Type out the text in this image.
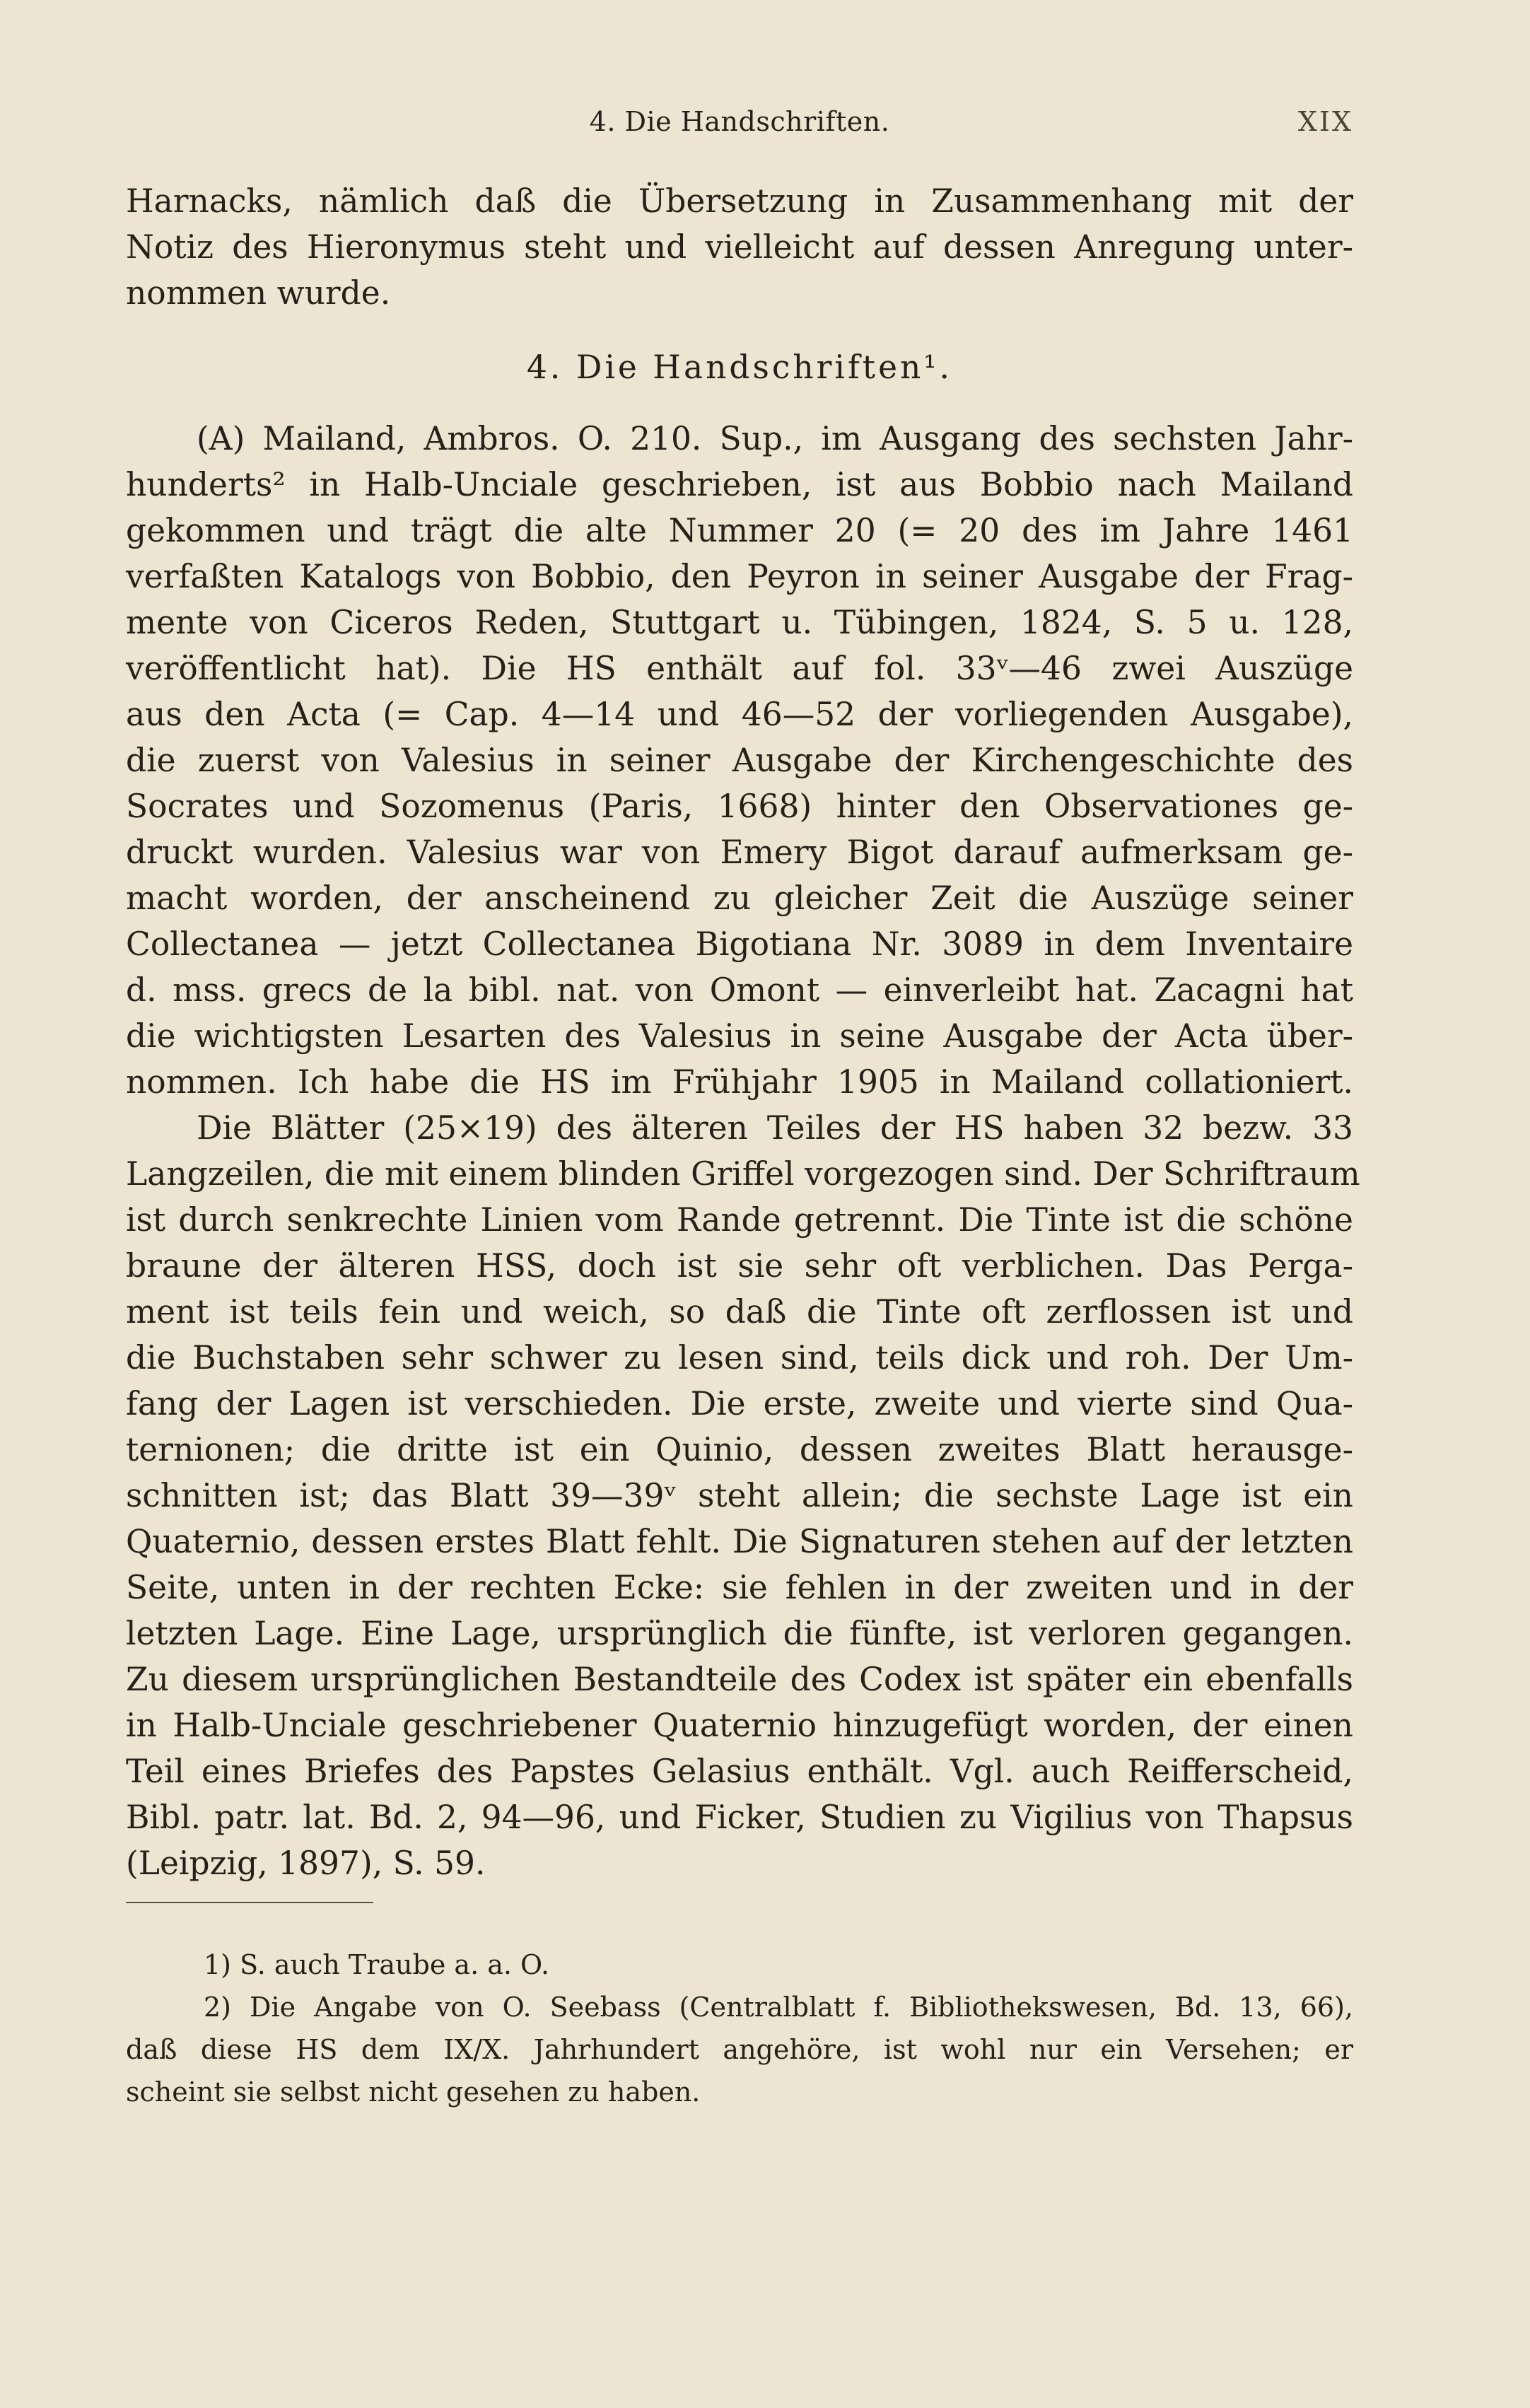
4. Die Handschriften.	XIX
Harnacks, nämlich daß die Übersetzung in Zusammenhang mit der
Notiz des Hieronymus steht und vielleicht auf dessen Anregung unter-
nommen wurde.
4. Die Handschriften¹.
(A) Mailand, Ambros. O. 210. Sup., im Ausgang des sechsten Jahr-
hunderts² in Halb-Unciale geschrieben, ist aus Bobbio nach Mailand
gekommen und trägt die alte Nummer 20 (= 20 des im Jahre 1461
verfaßten Katalogs von Bobbio, den Peyron in seiner Ausgabe der Frag-
mente von Ciceros Reden, Stuttgart u. Tübingen, 1824, S. 5 u. 128,
veröffentlicht hat). Die HS enthält auf fol. 33ᵛ—46 zwei Auszüge
aus den Acta (= Cap. 4—14 und 46—52 der vorliegenden Ausgabe),
die zuerst von Valesius in seiner Ausgabe der Kirchengeschichte des
Socrates und Sozomenus (Paris, 1668) hinter den Observationes ge-
druckt wurden. Valesius war von Emery Bigot darauf aufmerksam ge-
macht worden, der anscheinend zu gleicher Zeit die Auszüge seiner
Collectanea — jetzt Collectanea Bigotiana Nr. 3089 in dem Inventaire
d. mss. grecs de la bibl. nat. von Omont — einverleibt hat. Zacagni hat
die wichtigsten Lesarten des Valesius in seine Ausgabe der Acta über-
nommen. Ich habe die HS im Frühjahr 1905 in Mailand collationiert.
Die Blätter (25×19) des älteren Teiles der HS haben 32 bezw. 33
Langzeilen, die mit einem blinden Griffel vorgezogen sind. Der Schriftraum
ist durch senkrechte Linien vom Rande getrennt. Die Tinte ist die schöne
braune der älteren HSS, doch ist sie sehr oft verblichen. Das Perga-
ment ist teils fein und weich, so daß die Tinte oft zerflossen ist und
die Buchstaben sehr schwer zu lesen sind, teils dick und roh. Der Um-
fang der Lagen ist verschieden. Die erste, zweite und vierte sind Qua-
ternionen; die dritte ist ein Quinio, dessen zweites Blatt herausge-
schnitten ist; das Blatt 39—39ᵛ steht allein; die sechste Lage ist ein
Quaternio, dessen erstes Blatt fehlt. Die Signaturen stehen auf der letzten
Seite, unten in der rechten Ecke: sie fehlen in der zweiten und in der
letzten Lage. Eine Lage, ursprünglich die fünfte, ist verloren gegangen.
Zu diesem ursprünglichen Bestandteile des Codex ist später ein ebenfalls
in Halb-Unciale geschriebener Quaternio hinzugefügt worden, der einen
Teil eines Briefes des Papstes Gelasius enthält. Vgl. auch Reifferscheid,
Bibl. patr. lat. Bd. 2, 94—96, und Ficker, Studien zu Vigilius von Thapsus
(Leipzig, 1897), S. 59.
1) S. auch Traube a. a. O.
2) Die Angabe von O. Seebass (Centralblatt f. Bibliothekswesen, Bd. 13, 66),
daß diese HS dem IX/X. Jahrhundert angehöre, ist wohl nur ein Versehen; er
scheint sie selbst nicht gesehen zu haben.
